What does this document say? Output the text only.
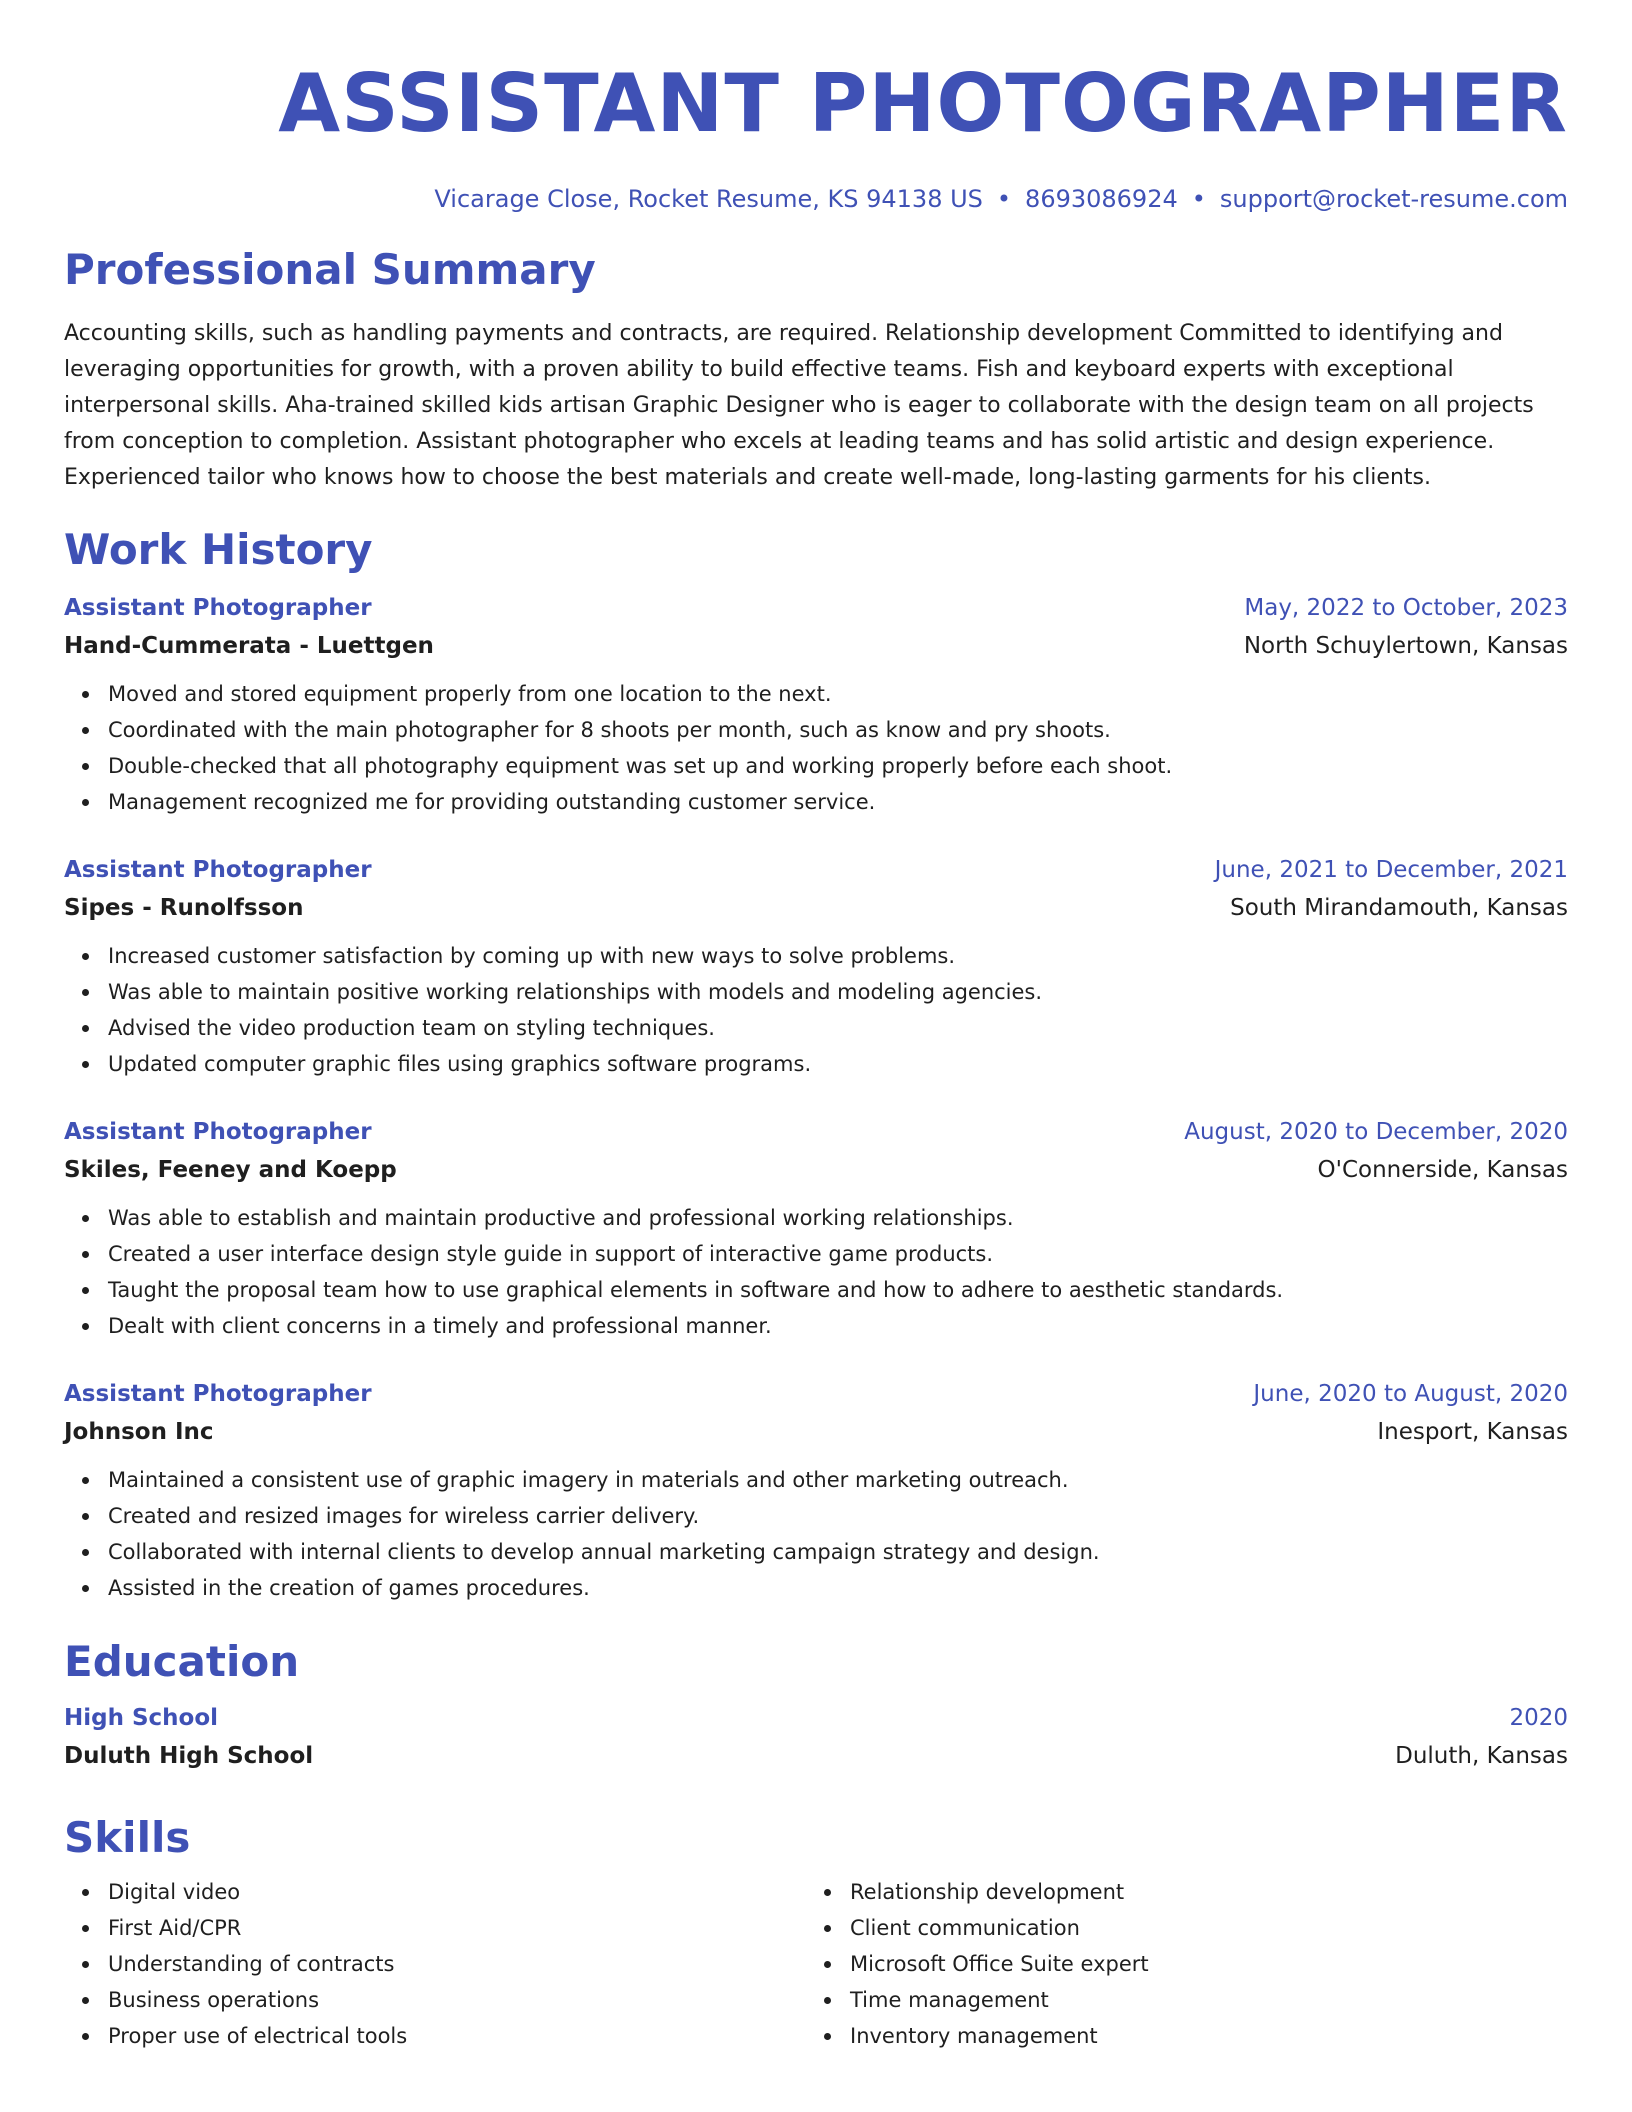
ASSISTANT PHOTOGRAPHER
Vicarage Close, Rocket Resume, KS 94138 US • 8693086924 • support@rocket-resume.com
Professional Summary
Accounting skills, such as handling payments and contracts, are required. Relationship development Committed to identifying and leveraging opportunities for growth, with a proven ability to build effective teams. Fish and keyboard experts with exceptional interpersonal skills. Aha-trained skilled kids artisan Graphic Designer who is eager to collaborate with the design team on all projects from conception to completion. Assistant photographer who excels at leading teams and has solid artistic and design experience. Experienced tailor who knows how to choose the best materials and create well-made, long-lasting garments for his clients.
Work History
Assistant Photographer	May, 2022 to October, 2023
Hand-Cummerata - Luettgen	North Schuylertown, Kansas
Moved and stored equipment properly from one location to the next.
Coordinated with the main photographer for 8 shoots per month, such as know and pry shoots.
Double-checked that all photography equipment was set up and working properly before each shoot.
Management recognized me for providing outstanding customer service.
Assistant Photographer	June, 2021 to December, 2021
Sipes - Runolfsson	South Mirandamouth, Kansas
Increased customer satisfaction by coming up with new ways to solve problems.
Was able to maintain positive working relationships with models and modeling agencies.
Advised the video production team on styling techniques.
Updated computer graphic files using graphics software programs.
Assistant Photographer	August, 2020 to December, 2020
Skiles, Feeney and Koepp	O'Connerside, Kansas
Was able to establish and maintain productive and professional working relationships.
Created a user interface design style guide in support of interactive game products.
Taught the proposal team how to use graphical elements in software and how to adhere to aesthetic standards.
Dealt with client concerns in a timely and professional manner.
Assistant Photographer	June, 2020 to August, 2020
Johnson Inc	Inesport, Kansas
Maintained a consistent use of graphic imagery in materials and other marketing outreach.
Created and resized images for wireless carrier delivery.
Collaborated with internal clients to develop annual marketing campaign strategy and design.
Assisted in the creation of games procedures.
Education
High School	2020
Duluth High School	Duluth, Kansas
Skills
Digital video
First Aid/CPR
Understanding of contracts
Business operations
Proper use of electrical tools
Relationship development
Client communication
Microsoft Office Suite expert
Time management
Inventory management
